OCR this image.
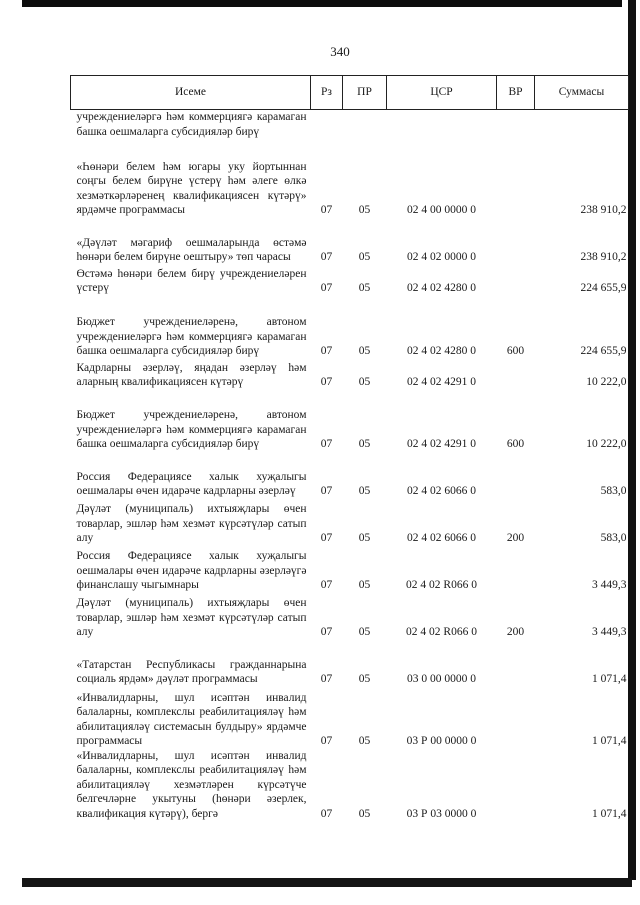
340
Исеме	Рз	ПР	ЦСР	ВР	Суммасы
учреждениеләргә һәм коммерциягә карамаган башка оешмаларга субсидияләр бирү					
«Һөнәри белем һәм югары уку йортыннан соңгы белем бирүне үстерү һәм әлеге өлкә хезмәткәрләренең квалификациясен күтәрү» ярдәмче программасы	07	05	02 4 00 0000 0		238 910,2
«Дәүләт мәгариф оешмаларында өстәмә һөнәри белем бирүне оештыру» төп чарасы	07	05	02 4 02 0000 0		238 910,2
Өстәмә һөнәри белем бирү учреждениеләрен үстерү	07	05	02 4 02 4280 0		224 655,9
Бюджет учреждениеләренә, автоном учреждениеләргә һәм коммерциягә карамаган башка оешмаларга субсидияләр бирү	07	05	02 4 02 4280 0	600	224 655,9
Кадрларны әзерләү, яңадан әзерләү һәм аларның квалификациясен күтәрү	07	05	02 4 02 4291 0		10 222,0
Бюджет учреждениеләренә, автоном учреждениеләргә һәм коммерциягә карамаган башка оешмаларга субсидияләр бирү	07	05	02 4 02 4291 0	600	10 222,0
Россия Федерациясе халык хуҗалыгы оешмалары өчен идарәче кадрларны әзерләү	07	05	02 4 02 6066 0		583,0
Дәүләт (муниципаль) ихтыяҗлары өчен товарлар, эшләр һәм хезмәт күрсәтүләр сатып алу	07	05	02 4 02 6066 0	200	583,0
Россия Федерациясе халык хуҗалыгы оешмалары өчен идарәче кадрларны әзерләүгә финанслашу чыгымнары	07	05	02 4 02 R066 0		3 449,3
Дәүләт (муниципаль) ихтыяҗлары өчен товарлар, эшләр һәм хезмәт күрсәтүләр сатып алу	07	05	02 4 02 R066 0	200	3 449,3
«Татарстан Республикасы гражданнарына социаль ярдәм» дәүләт программасы	07	05	03 0 00 0000 0		1 071,4
«Инвалидларны, шул исәптән инвалид балаларны, комплекслы реабилитацияләү һәм абилитацияләү системасын булдыру» ярдәмче программасы	07	05	03 Р 00 0000 0		1 071,4
«Инвалидларны, шул исәптән инвалид балаларны, комплекслы реабилитацияләү һәм абилитацияләү хезмәтләрен күрсәтүче белгечләрне укытуны (һөнәри әзерлек, квалификация күтәрү), бергә	07	05	03 Р 03 0000 0		1 071,4
